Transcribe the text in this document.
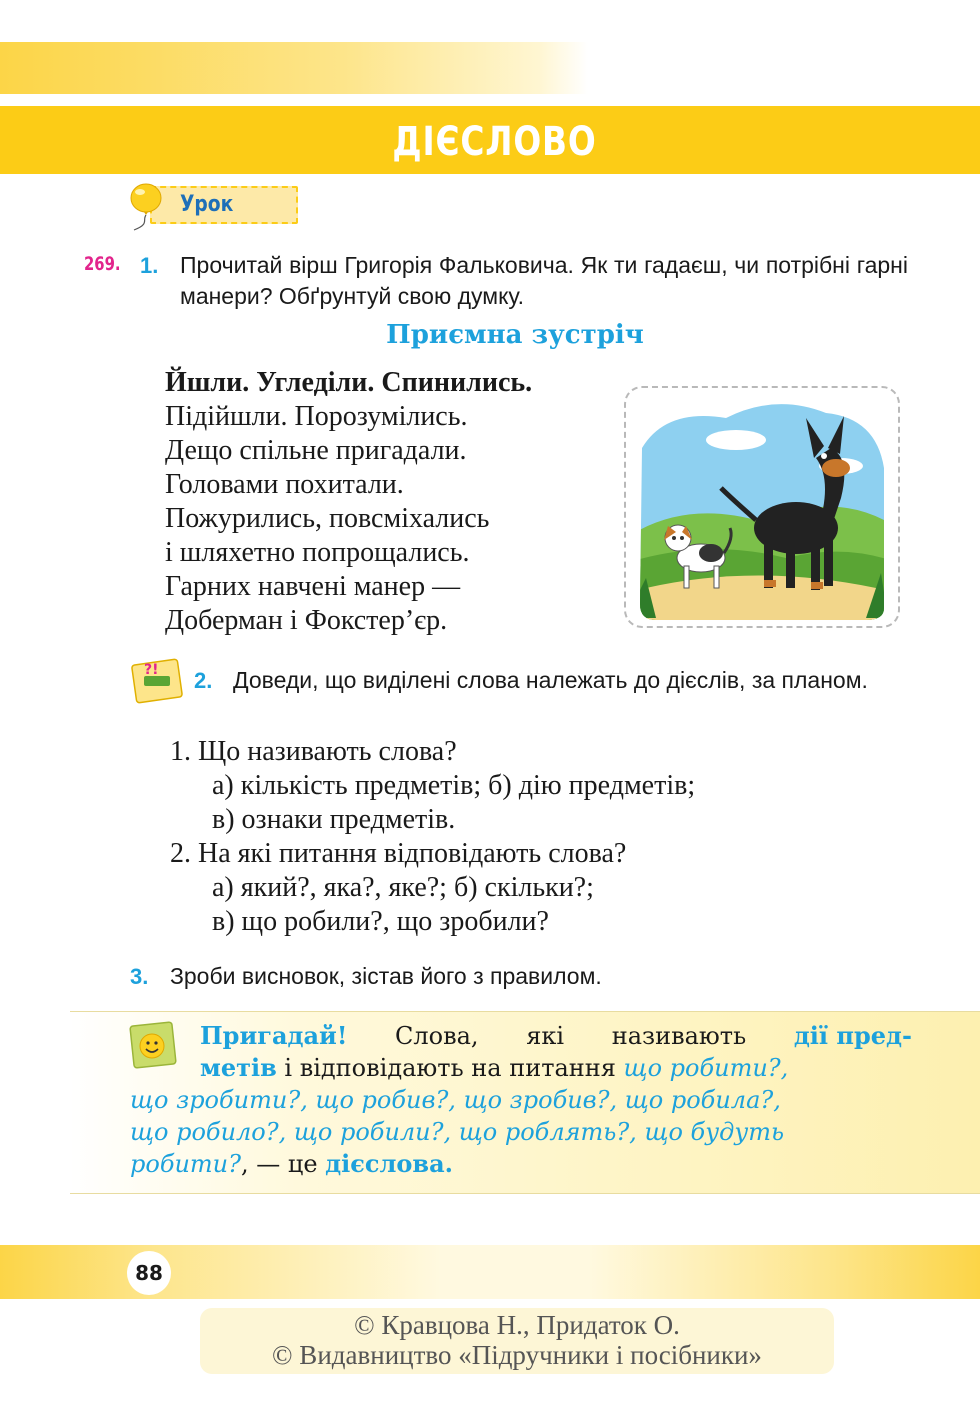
ДІЄСЛОВО
Урок
269. 1. Прочитай вірш Григорія Фальковича. Як ти гадаєш, чи потрібні гарні манери? Обґрунтуй свою думку.
Приємна зустріч
Йшли. Угледіли. Спинились.
Підійшли. Порозумілись.
Дещо спільне пригадали.
Головами похитали.
Пожурились, повсміхались
і шляхетно попрощались.
Гарних навчені манер —
Доберман і Фокстер’єр.
?! 2. Доведи, що виділені слова належать до дієслів, за планом.
1. Що називають слова?
а) кількість предметів; б) дію предметів;
в) ознаки предметів.
2. На які питання відповідають слова?
а) який?, яка?, яке?; б) скільки?;
в) що робили?, що зробили?
3. Зроби висновок, зістав його з правилом.
Пригадай! Слова, які називають дії пред-
метів і відповідають на питання що робити?,
що зробити?, що робив?, що зробив?, що робила?,
що робило?, що робили?, що роблять?, що будуть
робити?, — це дієслова.
88
© Кравцова Н., Придаток О.
© Видавництво «Підручники і посібники»
